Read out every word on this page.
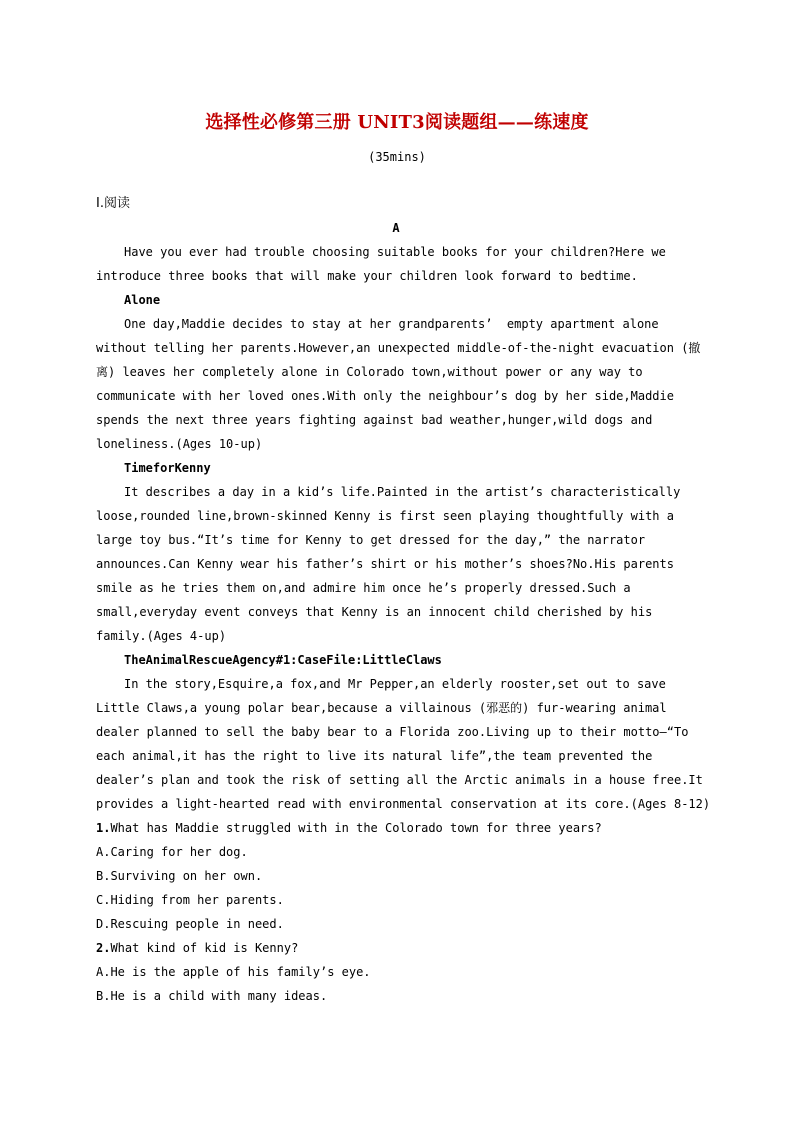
选择性必修第三册 UNIT3阅读题组——练速度
(35mins)
Ⅰ.阅读
A
Have you ever had trouble choosing suitable books for your children?Here we
introduce three books that will make your children look forward to bedtime.
Alone
One day,Maddie decides to stay at her grandparents’  empty apartment alone
without telling her parents.However,an unexpected middle-of-the-night evacuation (撤
离) leaves her completely alone in Colorado town,without power or any way to
communicate with her loved ones.With only the neighbour’s dog by her side,Maddie
spends the next three years fighting against bad weather,hunger,wild dogs and
loneliness.(Ages 10-up)
TimeforKenny
It describes a day in a kid’s life.Painted in the artist’s characteristically
loose,rounded line,brown-skinned Kenny is first seen playing thoughtfully with a
large toy bus.“It’s time for Kenny to get dressed for the day,” the narrator
announces.Can Kenny wear his father’s shirt or his mother’s shoes?No.His parents
smile as he tries them on,and admire him once he’s properly dressed.Such a
small,everyday event conveys that Kenny is an innocent child cherished by his
family.(Ages 4-up)
TheAnimalRescueAgency#1:CaseFile:LittleClaws
In the story,Esquire,a fox,and Mr Pepper,an elderly rooster,set out to save
Little Claws,a young polar bear,because a villainous (邪恶的) fur-wearing animal
dealer planned to sell the baby bear to a Florida zoo.Living up to their motto—“To
each animal,it has the right to live its natural life”,the team prevented the
dealer’s plan and took the risk of setting all the Arctic animals in a house free.It
provides a light-hearted read with environmental conservation at its core.(Ages 8-12)
1.What has Maddie struggled with in the Colorado town for three years?
A.Caring for her dog.
B.Surviving on her own.
C.Hiding from her parents.
D.Rescuing people in need.
2.What kind of kid is Kenny?
A.He is the apple of his family’s eye.
B.He is a child with many ideas.
